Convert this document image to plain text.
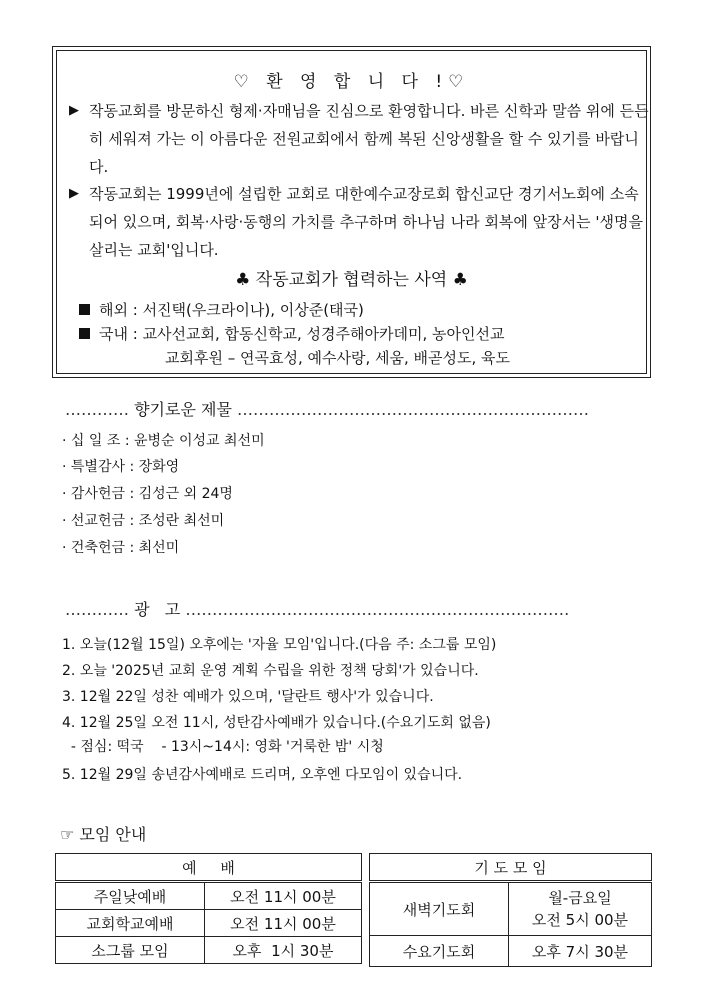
♡ 환 영 합 니 다 !♡
▶ 작동교회를 방문하신 형제·자매님을 진심으로 환영합니다. 바른 신학과 말씀 위에 든든히 세워져 가는 이 아름다운 전원교회에서 함께 복된 신앙생활을 할 수 있기를 바랍니다.
▶ 작동교회는 1999년에 설립한 교회로 대한예수교장로회 합신교단 경기서노회에 소속되어 있으며, 회복·사랑·동행의 가치를 추구하며 하나님 나라 회복에 앞장서는 '생명을 살리는 교회'입니다.
♣ 작동교회가 협력하는 사역 ♣
해외 : 서진택(우크라이나), 이상준(태국)
국내 : 교사선교회, 합동신학교, 성경주해아카데미, 농아인선교
교회후원 – 연곡효성, 예수사랑, 세움, 배곧성도, 육도
………… 향기로운 제물 …………………………………………………………
· 십 일 조 : 윤병순 이성교 최선미
· 특별감사 : 장화영
· 감사헌금 : 김성근 외 24명
· 선교헌금 : 조성란 최선미
· 건축헌금 : 최선미
………… 광   고 ………………………………………………………………
1. 오늘(12월 15일) 오후에는 '자율 모임'입니다.(다음 주: 소그룹 모임)
2. 오늘 '2025년 교회 운영 계획 수립을 위한 정책 당회'가 있습니다.
3. 12월 22일 성찬 예배가 있으며, '달란트 행사'가 있습니다.
4. 12월 25일 오전 11시, 성탄감사예배가 있습니다.(수요기도회 없음)
- 점심: 떡국    - 13시~14시: 영화 '거룩한 밤' 시청
5. 12월 29일 송년감사예배로 드리며, 오후엔 다모임이 있습니다.
☞ 모임 안내
예     배	
주일낮예배	오전 11시 00분
교회학교예배	오전 11시 00분
소그룹 모임	오후  1시 30분
기 도 모 임	
새벽기도회	월-금요일
오전 5시 00분

수요기도회	오후 7시 30분
